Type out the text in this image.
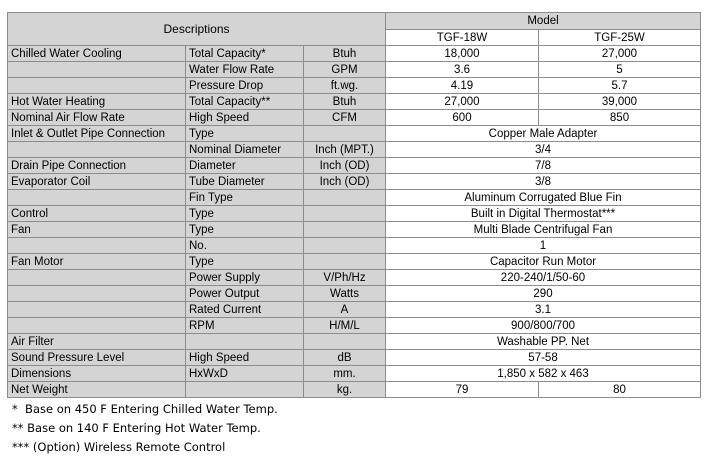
Descriptions			Model	
			TGF-18W	TGF-25W
Chilled Water Cooling	Total Capacity*	Btuh	18,000	27,000
	Water Flow Rate	GPM	3.6	5
	Pressure Drop	ft.wg.	4.19	5.7
Hot Water Heating	Total Capacity**	Btuh	27,000	39,000
Nominal Air Flow Rate	High Speed	CFM	600	850
Inlet & Outlet Pipe Connection	Type		Copper Male Adapter	
	Nominal Diameter	Inch (MPT.)	3/4	
Drain Pipe Connection	Diameter	Inch (OD)	7/8	
Evaporator Coil	Tube Diameter	Inch (OD)	3/8	
	Fin Type		Aluminum Corrugated Blue Fin	
Control	Type		Built in Digital Thermostat***	
Fan	Type		Multi Blade Centrifugal Fan	
	No.		1	
Fan Motor	Type		Capacitor Run Motor	
	Power Supply	V/Ph/Hz	220-240/1/50-60	
	Power Output	Watts	290	
	Rated Current	A	3.1	
	RPM	H/M/L	900/800/700	
Air Filter			Washable PP. Net	
Sound Pressure Level	High Speed	dB	57-58	
Dimensions	HxWxD	mm.	1,850 x 582 x 463	
Net Weight		kg.	79	80
*  Base on 450 F Entering Chilled Water Temp.
** Base on 140 F Entering Hot Water Temp.
*** (Option) Wireless Remote Control
